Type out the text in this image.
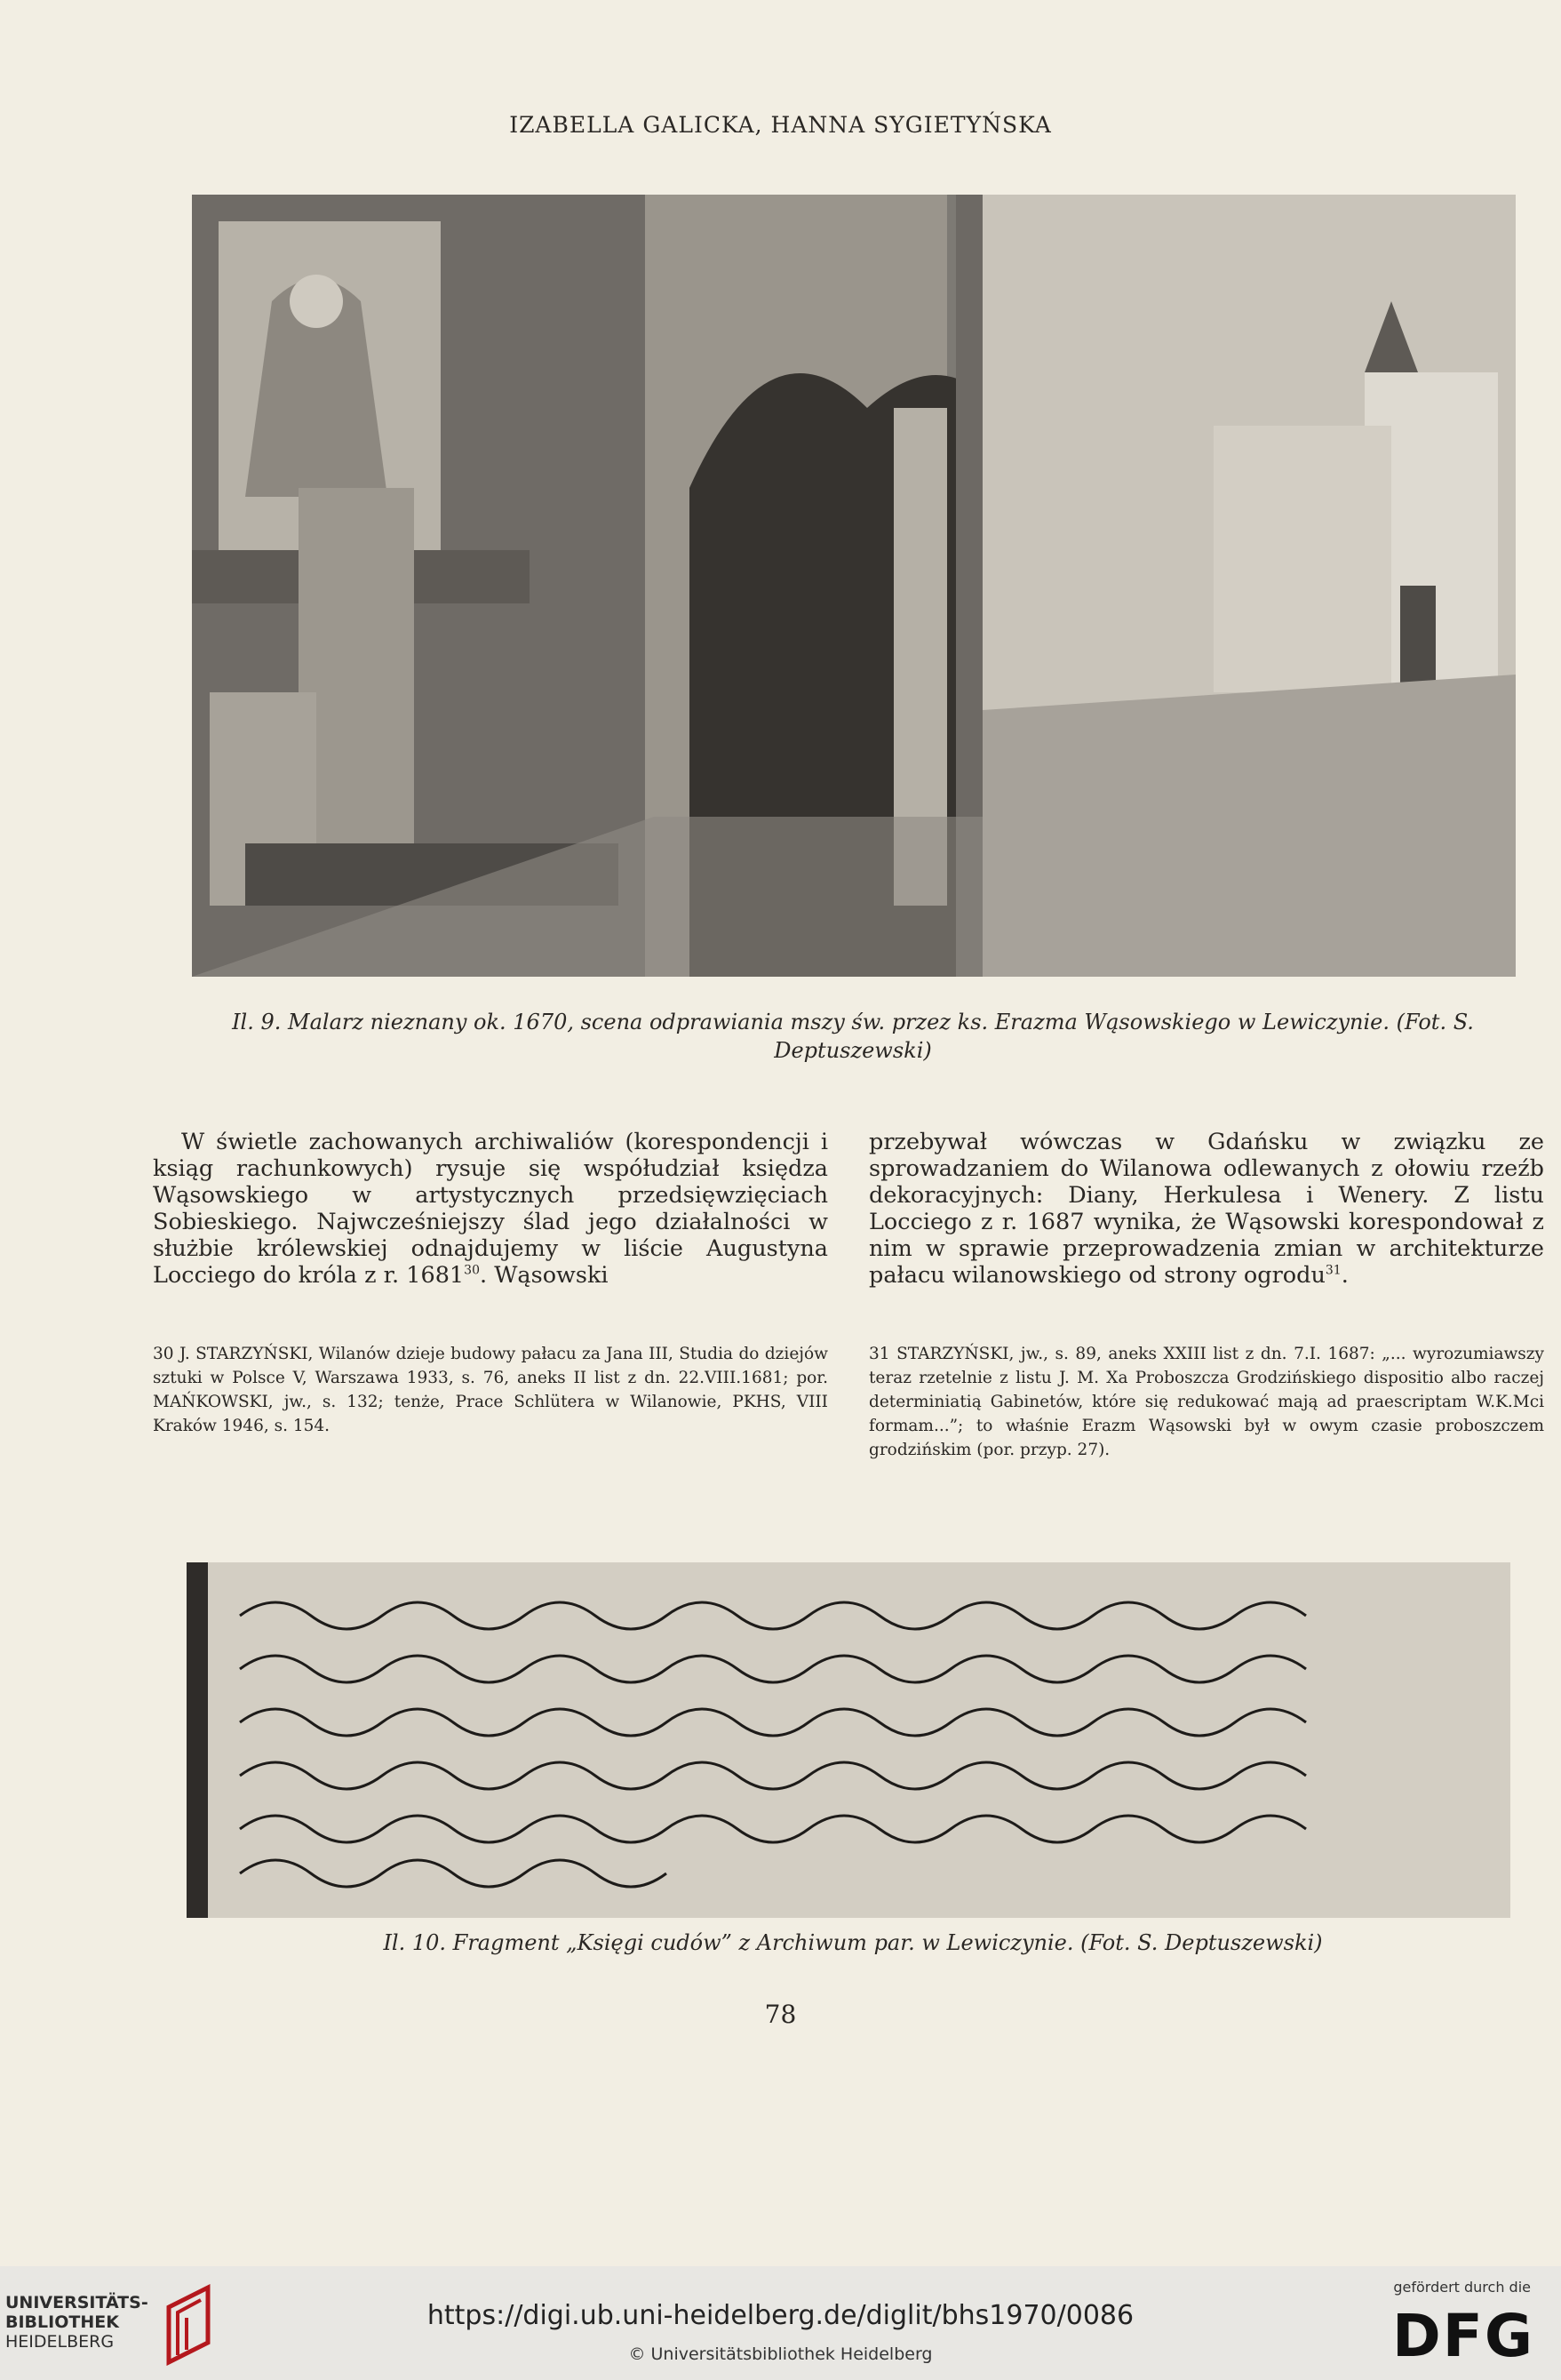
IZABELLA GALICKA, HANNA SYGIETYŃSKA
Il. 9. Malarz nieznany ok. 1670, scena odprawiania mszy św. przez ks. Erazma Wąsowskiego w Lewiczynie. (Fot. S. Deptuszewski)

W świetle zachowanych archiwaliów (korespondencji i ksiąg rachunkowych) rysuje się współudział księdza Wąsowskiego w artystycznych przedsięwzięciach Sobieskiego. Najwcześniejszy ślad jego działalności w służbie królewskiej odnajdujemy w liście Augustyna Locciego do króla z r. 1681$^{30}$. Wąsowski

przebywał wówczas w Gdańsku w związku ze sprowadzaniem do Wilanowa odlewanych z ołowiu rzeźb dekoracyjnych: Diany, Herkulesa i Wenery. Z listu Locciego z r. 1687 wynika, że Wąsowski korespondował z nim w sprawie przeprowadzenia zmian w architekturze pałacu wilanowskiego od strony ogrodu$^{31}$.

30 J. STARZYŃSKI, Wilanów dzieje budowy pałacu za Jana III, Studia do dziejów sztuki w Polsce V, Warszawa 1933, s. 76, aneks II list z dn. 22.VIII.1681; por. MAŃKOWSKI, jw., s. 132; tenże, Prace Schlütera w Wilanowie, PKHS, VIII Kraków 1946, s. 154.
31 STARZYŃSKI, jw., s. 89, aneks XXIII list z dn. 7.I. 1687: „... wyrozumiawszy teraz rzetelnie z listu J. M. Xa Proboszcza Grodzińskiego dispositio albo raczej determiniatią Gabinetów, które się redukować mają ad praescriptam W.K.Mci formam...”; to właśnie Erazm Wąsowski był w owym czasie proboszczem grodzińskim (por. przyp. 27).
Il. 10. Fragment „Księgi cudów” z Archiwum par. w Lewiczynie. (Fot. S. Deptuszewski)
78
UNIVERSITÄTS-
BIBLIOTHEK
HEIDELBERG
https://digi.ub.uni-heidelberg.de/diglit/bhs1970/0086
© Universitätsbibliothek Heidelberg
gefördert durch die
DFG
